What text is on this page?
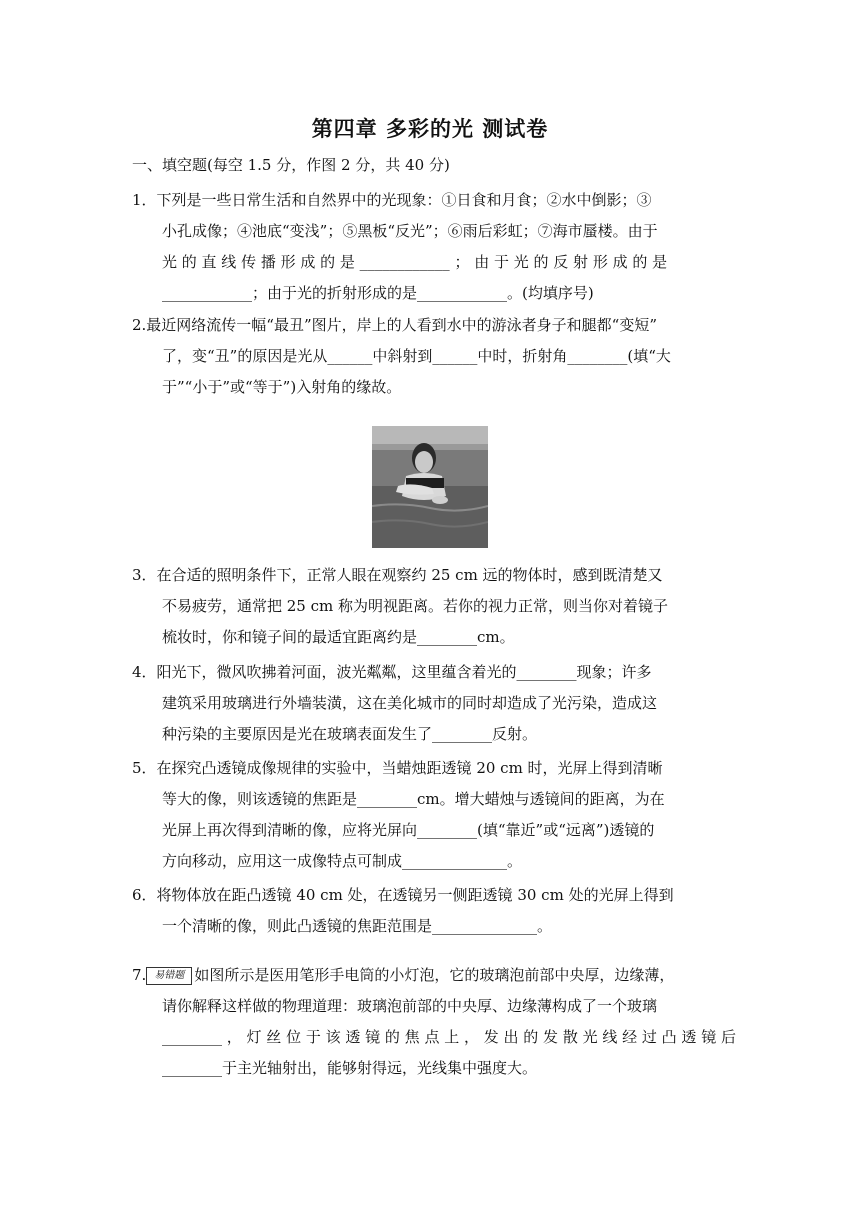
第四章 多彩的光 测试卷
一、填空题(每空 1.5 分，作图 2 分，共 40 分)
1．下列是一些日常生活和自然界中的光现象：①日食和月食；②水中倒影；③
小孔成像；④池底“变浅”；⑤黑板“反光”；⑥雨后彩虹；⑦海市蜃楼。由于
光 的 直 线 传 播 形 成 的 是 ____________ ； 由 于 光 的 反 射 形 成 的 是
____________；由于光的折射形成的是____________。(均填序号)
2.最近网络流传一幅“最丑”图片，岸上的人看到水中的游泳者身子和腿都“变短”
了，变“丑”的原因是光从______中斜射到______中时，折射角________(填“大
于”“小于”或“等于”)入射角的缘故。
3．在合适的照明条件下，正常人眼在观察约 25 cm 远的物体时，感到既清楚又
不易疲劳，通常把 25 cm 称为明视距离。若你的视力正常，则当你对着镜子
梳妆时，你和镜子间的最适宜距离约是________cm。
4．阳光下，微风吹拂着河面，波光粼粼，这里蕴含着光的________现象；许多
建筑采用玻璃进行外墙装潢，这在美化城市的同时却造成了光污染，造成这
种污染的主要原因是光在玻璃表面发生了________反射。
5．在探究凸透镜成像规律的实验中，当蜡烛距透镜 20 cm 时，光屏上得到清晰
等大的像，则该透镜的焦距是________cm。增大蜡烛与透镜间的距离，为在
光屏上再次得到清晰的像，应将光屏向________(填“靠近”或“远离”)透镜的
方向移动，应用这一成像特点可制成______________。
6．将物体放在距凸透镜 40 cm 处，在透镜另一侧距透镜 30 cm 处的光屏上得到
一个清晰的像，则此凸透镜的焦距范围是______________。
7. 易错题 如图所示是医用笔形手电筒的小灯泡，它的玻璃泡前部中央厚，边缘薄，
请你解释这样做的物理道理：玻璃泡前部的中央厚、边缘薄构成了一个玻璃
________ ， 灯 丝 位 于 该 透 镜 的 焦 点 上 ， 发 出 的 发 散 光 线 经 过 凸 透 镜 后
________于主光轴射出，能够射得远，光线集中强度大。
